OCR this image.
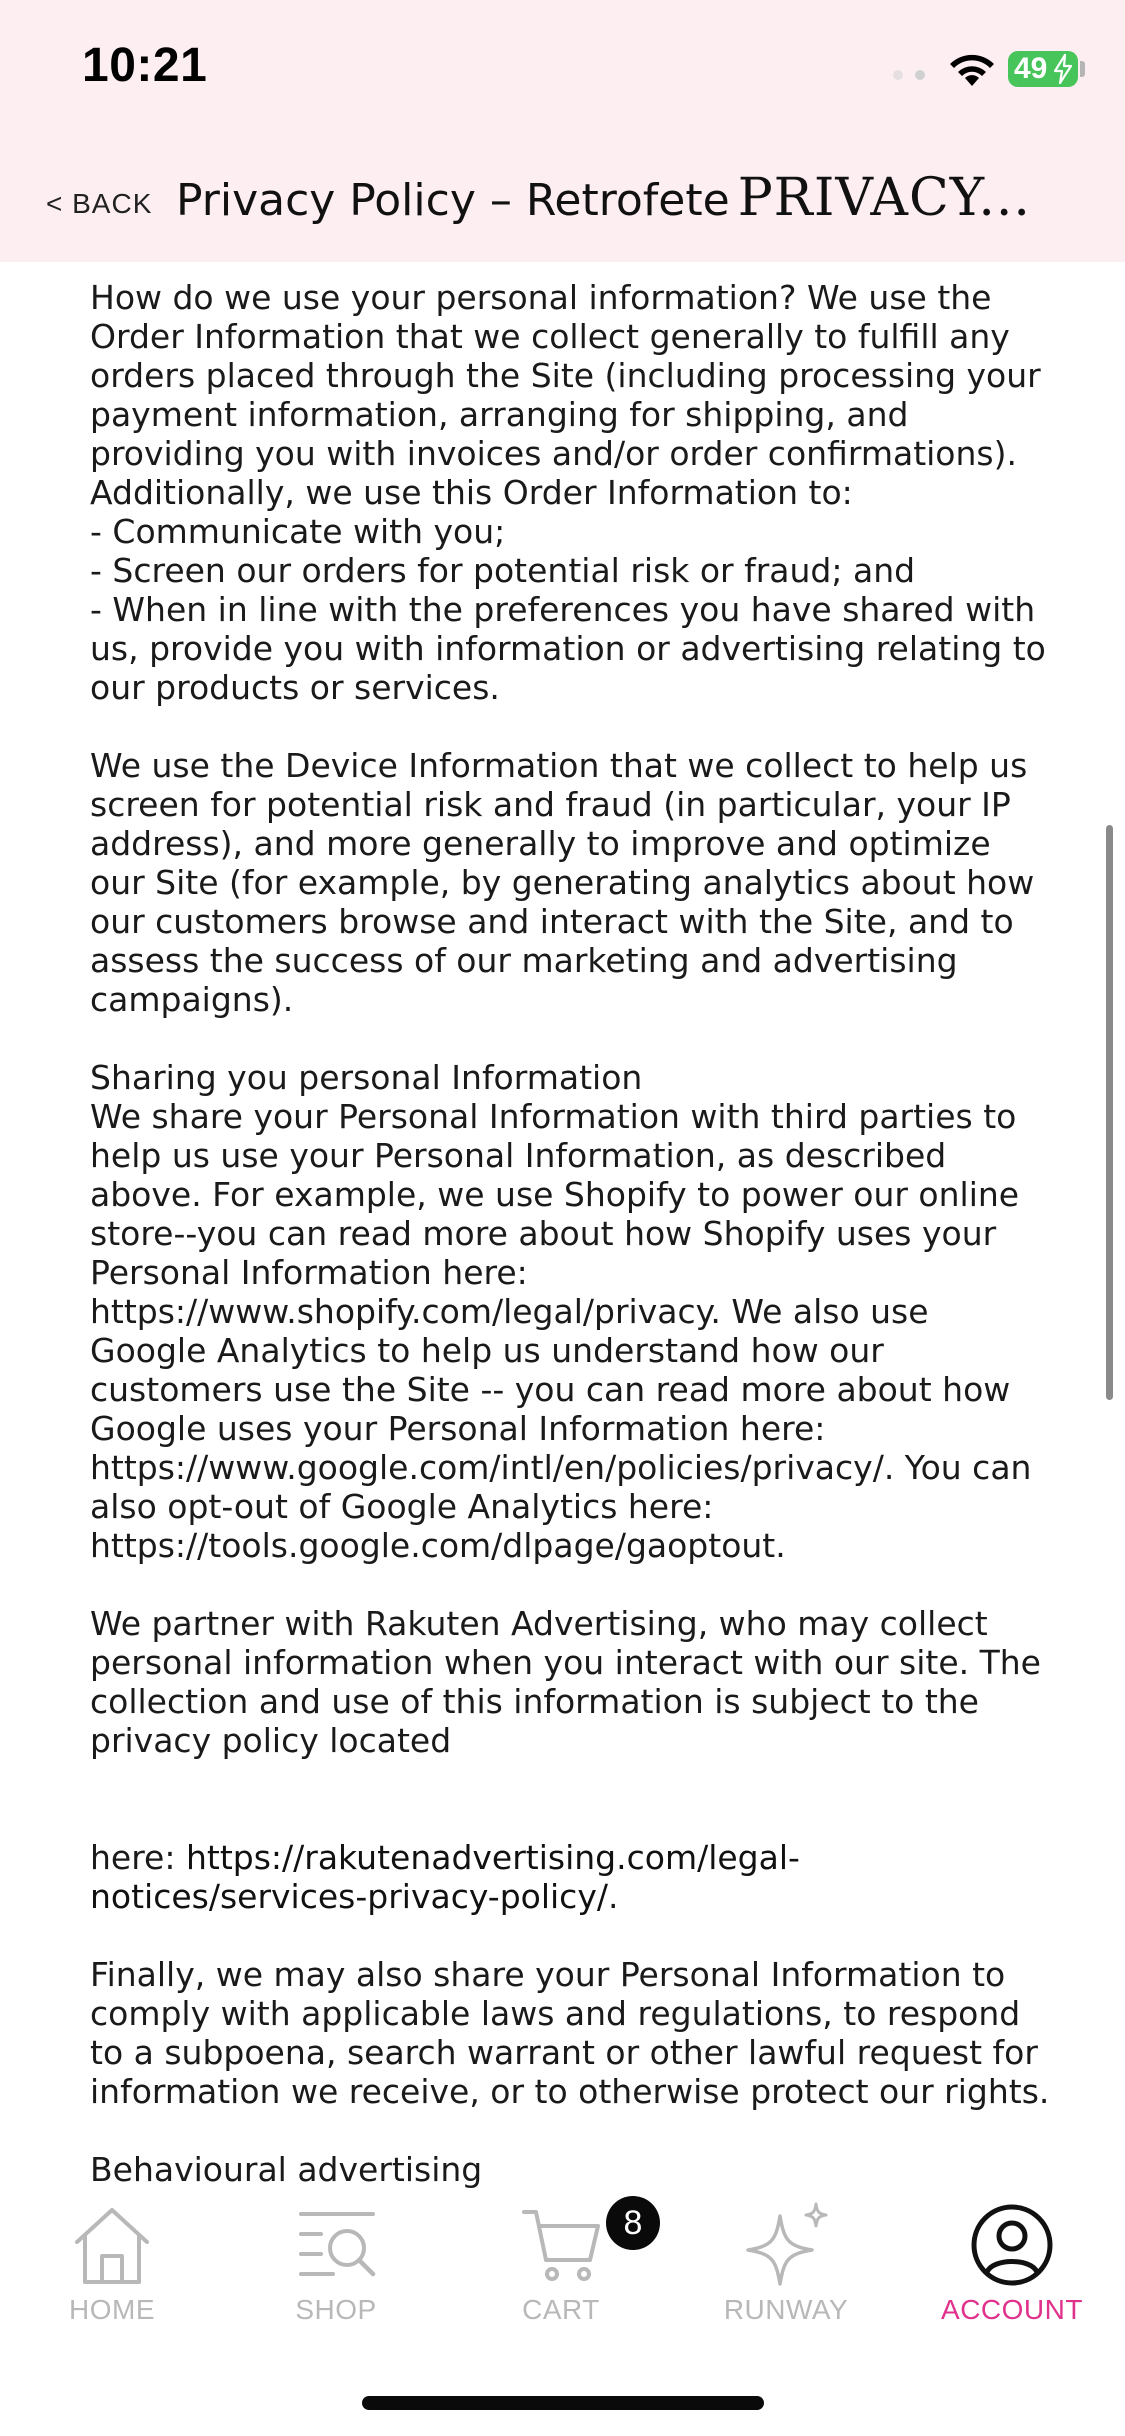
10:21	49
< BACK Privacy Policy – Retrofete PRIVACY...

How do we use your personal information? We use the Order Information that we collect generally to fulfill any orders placed through the Site (including processing your payment information, arranging for shipping, and providing you with invoices and/or order confirmations). Additionally, we use this Order Information to:
- Communicate with you;
- Screen our orders for potential risk or fraud; and
- When in line with the preferences you have shared with us, provide you with information or advertising relating to our products or services.

We use the Device Information that we collect to help us screen for potential risk and fraud (in particular, your IP address), and more generally to improve and optimize our Site (for example, by generating analytics about how our customers browse and interact with the Site, and to assess the success of our marketing and advertising campaigns).

Sharing you personal Information

We share your Personal Information with third parties to help us use your Personal Information, as described above. For example, we use Shopify to power our online store--you can read more about how Shopify uses your Personal Information here: https://www.shopify.com/legal/privacy. We also use Google Analytics to help us understand how our customers use the Site -- you can read more about how Google uses your Personal Information here: https://www.google.com/intl/en/policies/privacy/. You can also opt-out of Google Analytics here: https://tools.google.com/dlpage/gaoptout.

We partner with Rakuten Advertising, who may collect personal information when you interact with our site. The collection and use of this information is subject to the privacy policy located

here: https://rakutenadvertising.com/legal-notices/services-privacy-policy/.

Finally, we may also share your Personal Information to comply with applicable laws and regulations, to respond to a subpoena, search warrant or other lawful request for information we receive, or to otherwise protect our rights.

Behavioural advertising

HOME	SHOP	CART	RUNWAY	ACCOUNT
8
